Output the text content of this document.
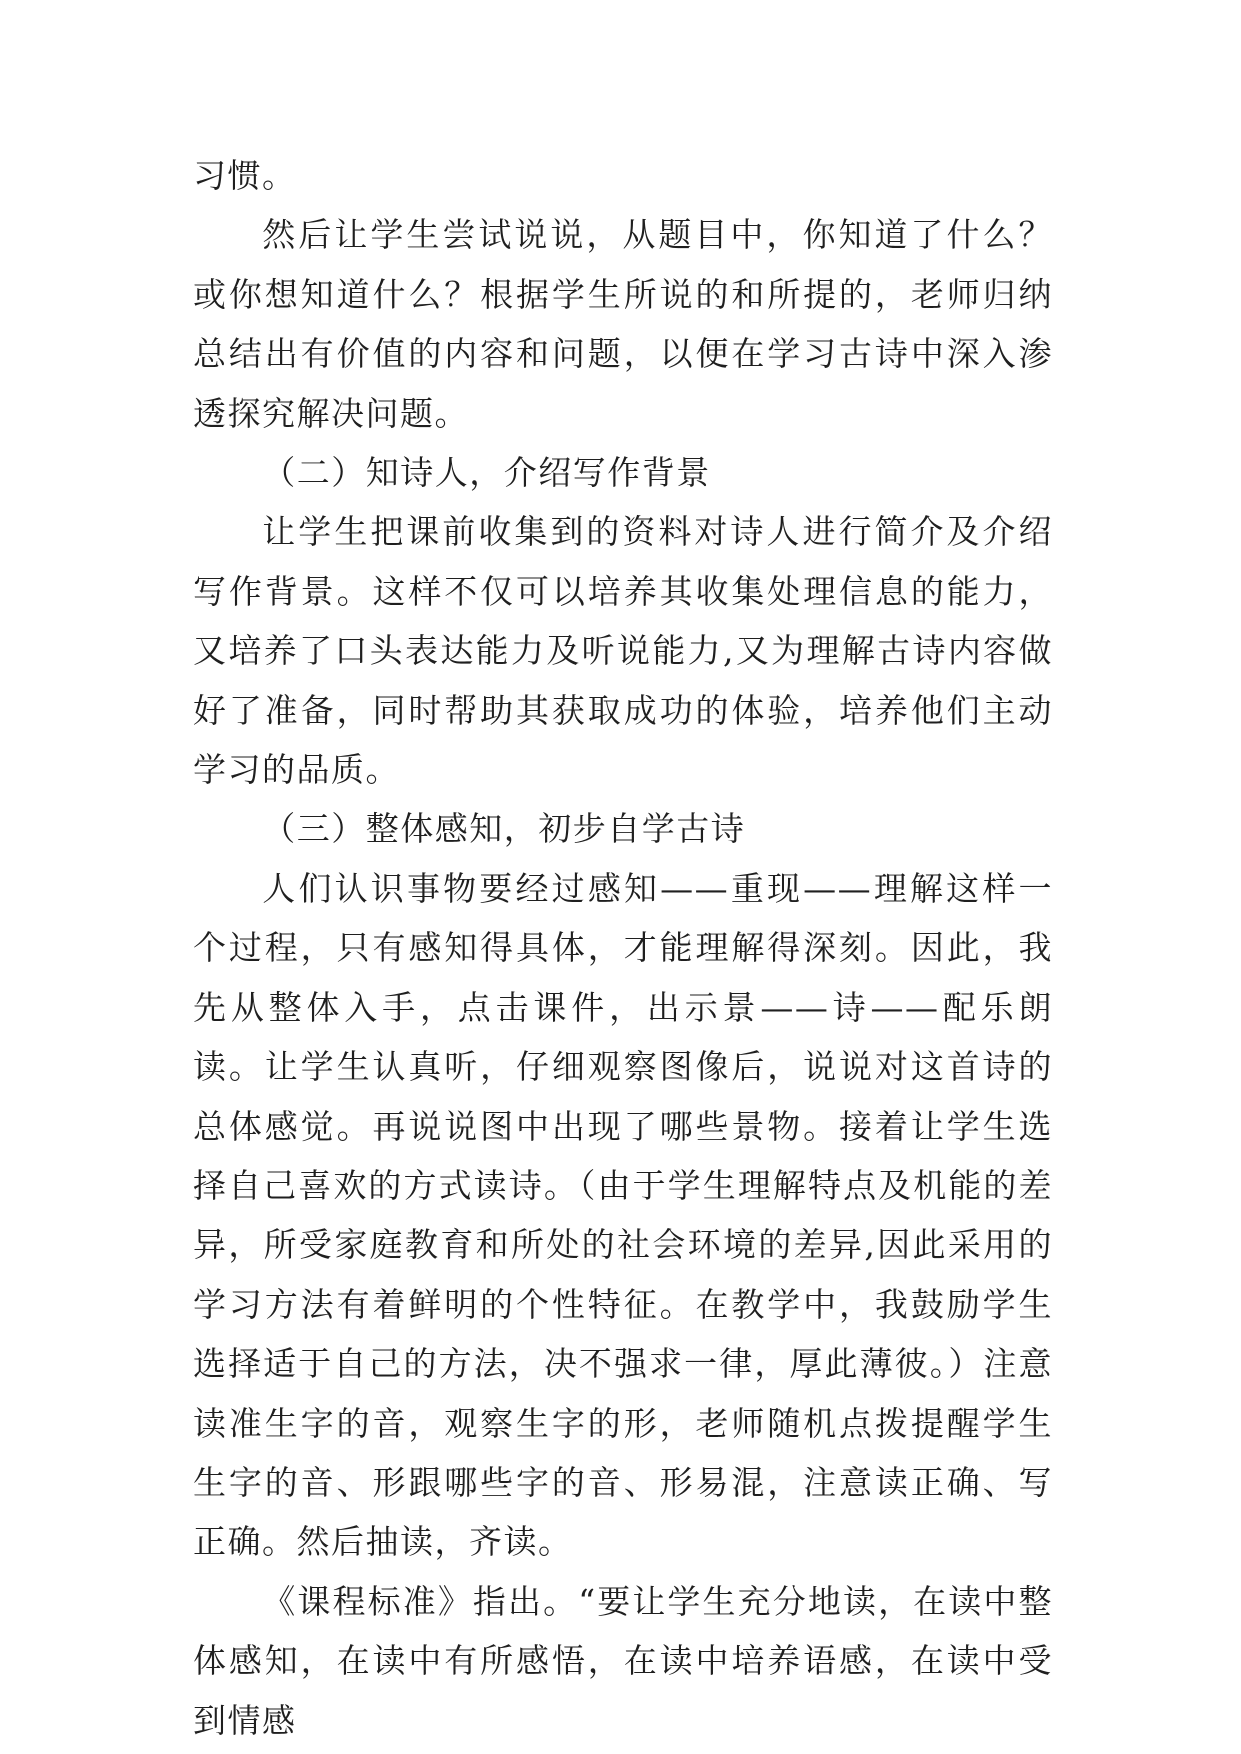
习惯。

然后让学生尝试说说，从题目中，你知道了什么？或你想知道什么？根据学生所说的和所提的，老师归纳总结出有价值的内容和问题，以便在学习古诗中深入渗透探究解决问题。

（二）知诗人，介绍写作背景

让学生把课前收集到的资料对诗人进行简介及介绍写作背景。这样不仅可以培养其收集处理信息的能力，又培养了口头表达能力及听说能力,又为理解古诗内容做好了准备，同时帮助其获取成功的体验，培养他们主动学习的品质。

（三）整体感知，初步自学古诗

人们认识事物要经过感知——重现——理解这样一个过程，只有感知得具体，才能理解得深刻。因此，我先从整体入手，点击课件，出示景——诗——配乐朗读。让学生认真听，仔细观察图像后，说说对这首诗的总体感觉。再说说图中出现了哪些景物。接着让学生选择自己喜欢的方式读诗。（由于学生理解特点及机能的差异，所受家庭教育和所处的社会环境的差异,因此采用的学习方法有着鲜明的个性特征。在教学中，我鼓励学生选择适于自己的方法，决不强求一律，厚此薄彼。）注意读准生字的音，观察生字的形，老师随机点拨提醒学生生字的音、形跟哪些字的音、形易混，注意读正确、写正确。然后抽读，齐读。

《课程标准》指出。“要让学生充分地读，在读中整体感知，在读中有所感悟，在读中培养语感，在读中受到情感
